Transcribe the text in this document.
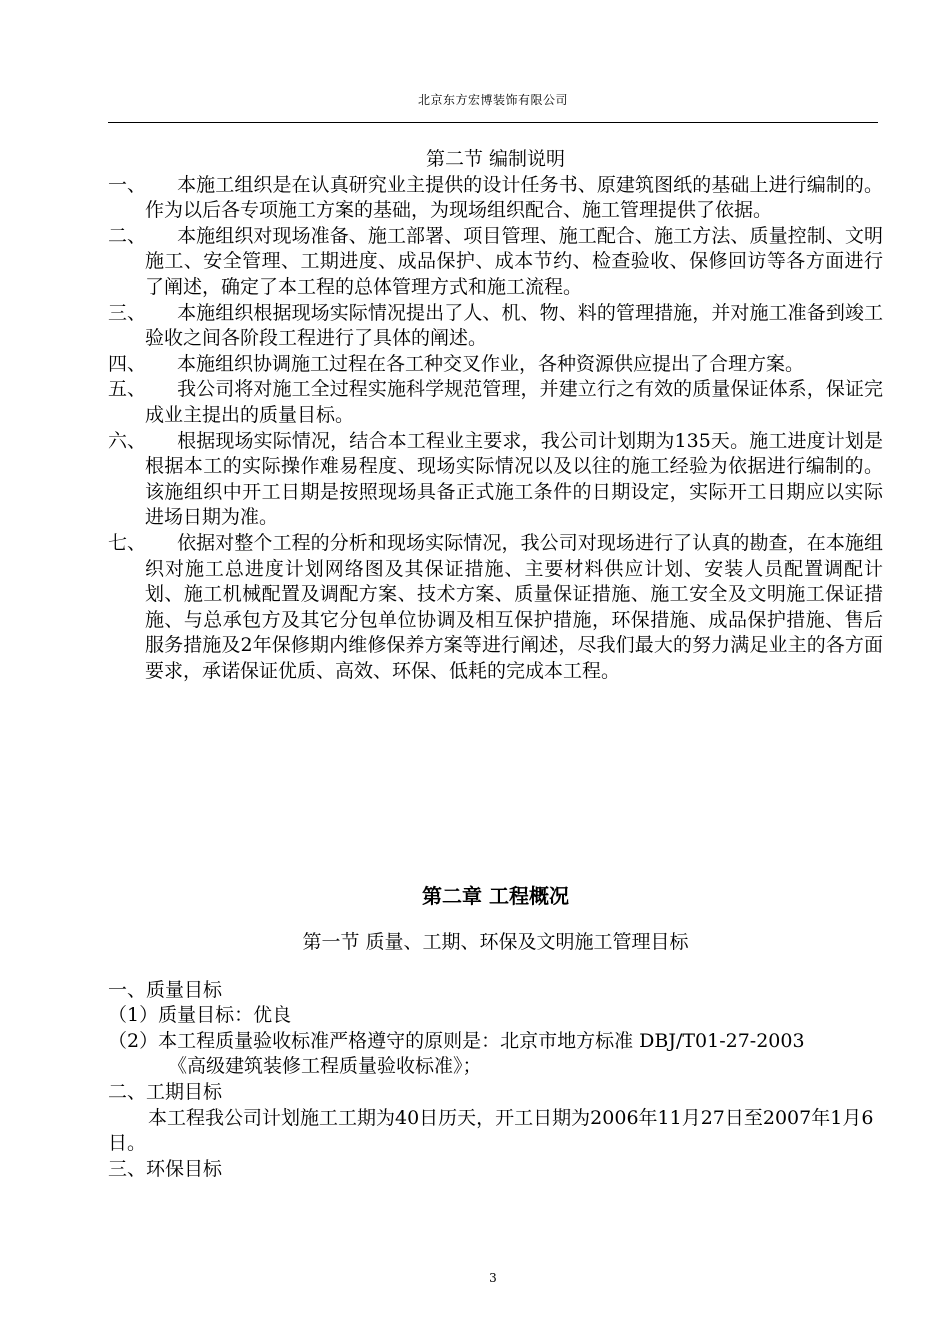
北京东方宏博装饰有限公司

第二节 编制说明

一、 本施工组织是在认真研究业主提供的设计任务书、原建筑图纸的基础上进行编制的。作为以后各专项施工方案的基础，为现场组织配合、施工管理提供了依据。
二、 本施组织对现场准备、施工部署、项目管理、施工配合、施工方法、质量控制、文明施工、安全管理、工期进度、成品保护、成本节约、检查验收、保修回访等各方面进行了阐述，确定了本工程的总体管理方式和施工流程。
三、 本施组织根据现场实际情况提出了人、机、物、料的管理措施，并对施工准备到竣工验收之间各阶段工程进行了具体的阐述。
四、 本施组织协调施工过程在各工种交叉作业，各种资源供应提出了合理方案。
五、 我公司将对施工全过程实施科学规范管理，并建立行之有效的质量保证体系，保证完成业主提出的质量目标。
六、 根据现场实际情况，结合本工程业主要求，我公司计划期为135天。施工进度计划是根据本工的实际操作难易程度、现场实际情况以及以往的施工经验为依据进行编制的。该施组织中开工日期是按照现场具备正式施工条件的日期设定，实际开工日期应以实际进场日期为准。
七、 依据对整个工程的分析和现场实际情况，我公司对现场进行了认真的勘查，在本施组织对施工总进度计划网络图及其保证措施、主要材料供应计划、安装人员配置调配计划、施工机械配置及调配方案、技术方案、质量保证措施、施工安全及文明施工保证措施、与总承包方及其它分包单位协调及相互保护措施，环保措施、成品保护措施、售后服务措施及2年保修期内维修保养方案等进行阐述，尽我们最大的努力满足业主的各方面要求，承诺保证优质、高效、环保、低耗的完成本工程。

第二章 工程概况

第一节 质量、工期、环保及文明施工管理目标
一、质量目标
（1）质量目标：优良
（2）本工程质量验收标准严格遵守的原则是：北京市地方标准 DBJ/T01-27-2003
《高级建筑装修工程质量验收标准》；
二、工期目标
本工程我公司计划施工工期为40日历天，开工日期为2006年11月27日至2007年1月6日。
三、环保目标
3
